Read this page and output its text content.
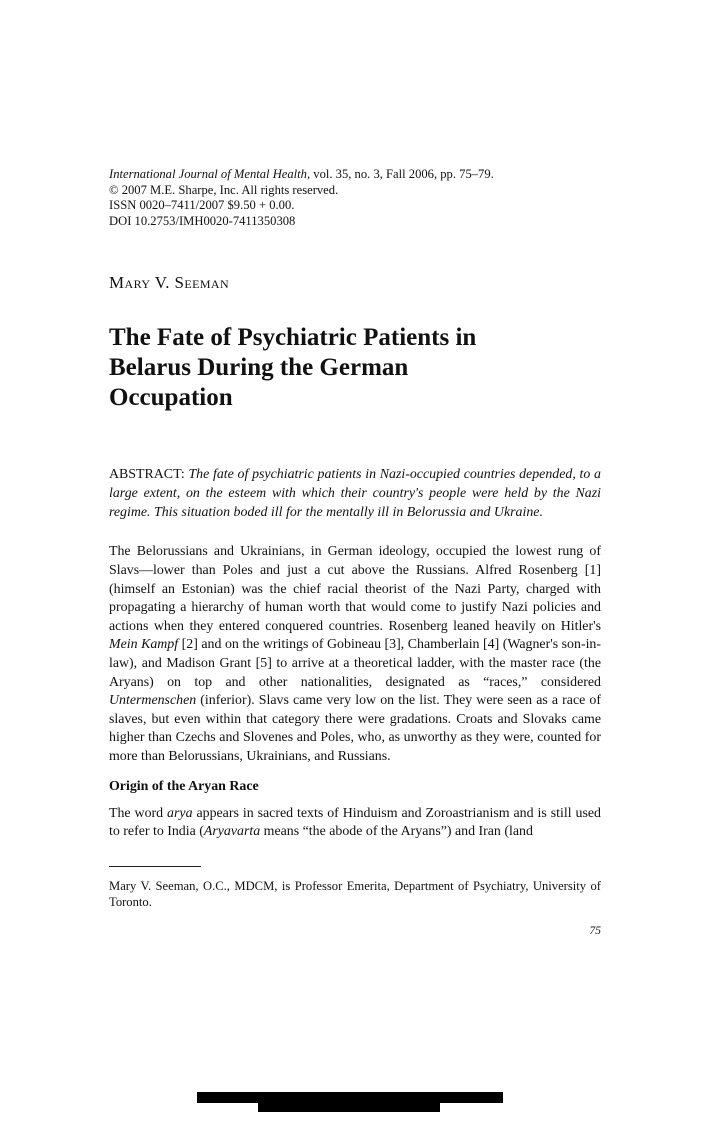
International Journal of Mental Health, vol. 35, no. 3, Fall 2006, pp. 75–79.
© 2007 M.E. Sharpe, Inc. All rights reserved.
ISSN 0020–7411/2007 $9.50 + 0.00.
DOI 10.2753/IMH0020-7411350308
Mary V. Seeman
The Fate of Psychiatric Patients in
Belarus During the German
Occupation
ABSTRACT: The fate of psychiatric patients in Nazi-occupied countries depended, to a large extent, on the esteem with which their country's people were held by the Nazi regime. This situation boded ill for the mentally ill in Belorussia and Ukraine.
The Belorussians and Ukrainians, in German ideology, occupied the lowest rung of Slavs—lower than Poles and just a cut above the Russians. Alfred Rosenberg [1] (himself an Estonian) was the chief racial theorist of the Nazi Party, charged with propagating a hierarchy of human worth that would come to justify Nazi policies and actions when they entered conquered countries. Rosenberg leaned heavily on Hitler's Mein Kampf [2] and on the writings of Gobineau [3], Chamberlain [4] (Wagner's son-in-law), and Madison Grant [5] to arrive at a theoretical ladder, with the master race (the Aryans) on top and other nationalities, designated as “races,” considered Untermenschen (inferior). Slavs came very low on the list. They were seen as a race of slaves, but even within that category there were gradations. Croats and Slovaks came higher than Czechs and Slovenes and Poles, who, as unworthy as they were, counted for more than Belorussians, Ukrainians, and Russians.
Origin of the Aryan Race
The word arya appears in sacred texts of Hinduism and Zoroastrianism and is still used to refer to India (Aryavarta means “the abode of the Aryans”) and Iran (land
Mary V. Seeman, O.C., MDCM, is Professor Emerita, Department of Psychiatry, University of Toronto.
75
